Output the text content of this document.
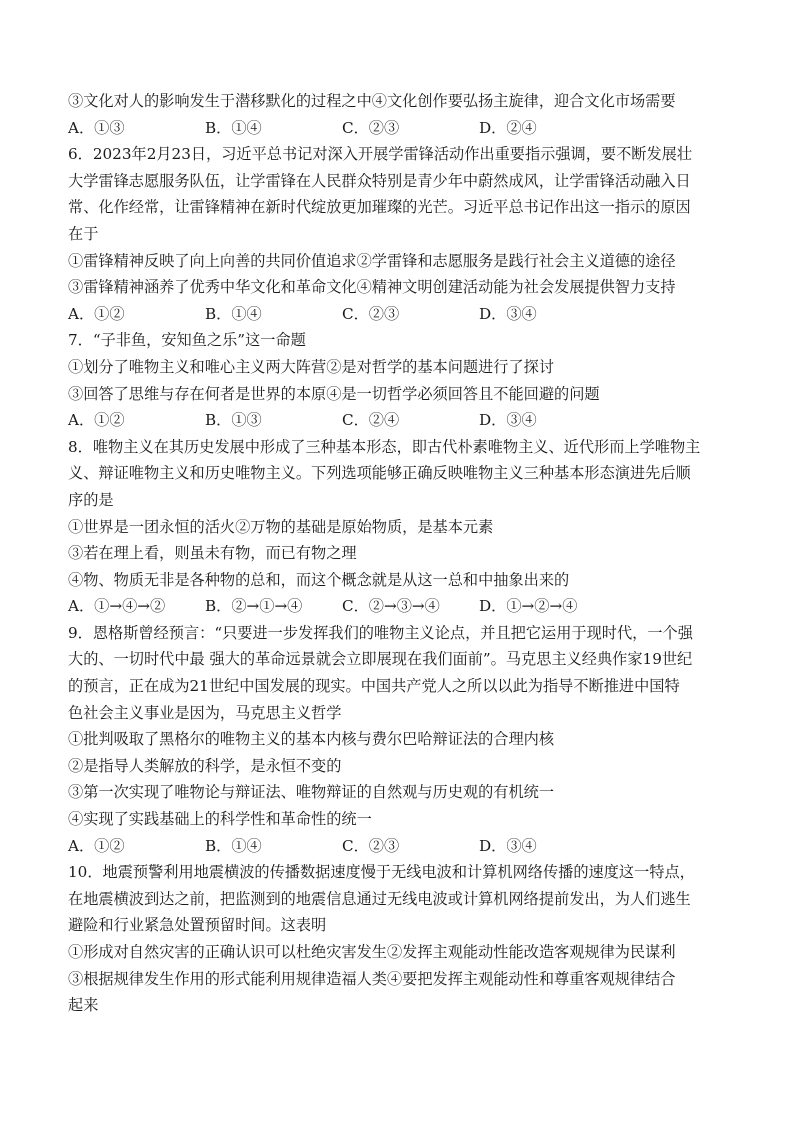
③文化对人的影响发生于潜移默化的过程之中④文化创作要弘扬主旋律，迎合文化市场需要
A．①③	B．①④	C．②③	D．②④
6．2023年2月23日，习近平总书记对深入开展学雷锋活动作出重要指示强调，要不断发展壮
大学雷锋志愿服务队伍，让学雷锋在人民群众特别是青少年中蔚然成风，让学雷锋活动融入日
常、化作经常，让雷锋精神在新时代绽放更加璀璨的光芒。习近平总书记作出这一指示的原因
在于
①雷锋精神反映了向上向善的共同价值追求②学雷锋和志愿服务是践行社会主义道德的途径
③雷锋精神涵养了优秀中华文化和革命文化④精神文明创建活动能为社会发展提供智力支持
A．①②	B．①④	C．②③	D．③④
7．“子非鱼，安知鱼之乐”这一命题
①划分了唯物主义和唯心主义两大阵营②是对哲学的基本问题进行了探讨
③回答了思维与存在何者是世界的本原④是一切哲学必须回答且不能回避的问题
A．①②	B．①③	C．②④	D．③④
8．唯物主义在其历史发展中形成了三种基本形态，即古代朴素唯物主义、近代形而上学唯物主
义、辩证唯物主义和历史唯物主义。下列选项能够正确反映唯物主义三种基本形态演进先后顺
序的是
①世界是一团永恒的活火②万物的基础是原始物质，是基本元素
③若在理上看，则虽未有物，而已有物之理
④物、物质无非是各种物的总和，而这个概念就是从这一总和中抽象出来的
A．①→④→②	B．②→①→④	C．②→③→④	D．①→②→④
9．恩格斯曾经预言：“只要进一步发挥我们的唯物主义论点，并且把它运用于现时代，一个强
大的、一切时代中最 强大的革命远景就会立即展现在我们面前”。马克思主义经典作家19世纪
的预言，正在成为21世纪中国发展的现实。中国共产党人之所以以此为指导不断推进中国特
色社会主义事业是因为，马克思主义哲学
①批判吸取了黑格尔的唯物主义的基本内核与费尔巴哈辩证法的合理内核
②是指导人类解放的科学，是永恒不变的
③第一次实现了唯物论与辩证法、唯物辩证的自然观与历史观的有机统一
④实现了实践基础上的科学性和革命性的统一
A．①②	B．①④	C．②③	D．③④
10．地震预警利用地震横波的传播数据速度慢于无线电波和计算机网络传播的速度这一特点，
在地震横波到达之前，把监测到的地震信息通过无线电波或计算机网络提前发出，为人们逃生
避险和行业紧急处置预留时间。这表明
①形成对自然灾害的正确认识可以杜绝灾害发生②发挥主观能动性能改造客观规律为民谋利
③根据规律发生作用的形式能利用规律造福人类④要把发挥主观能动性和尊重客观规律结合
起来
